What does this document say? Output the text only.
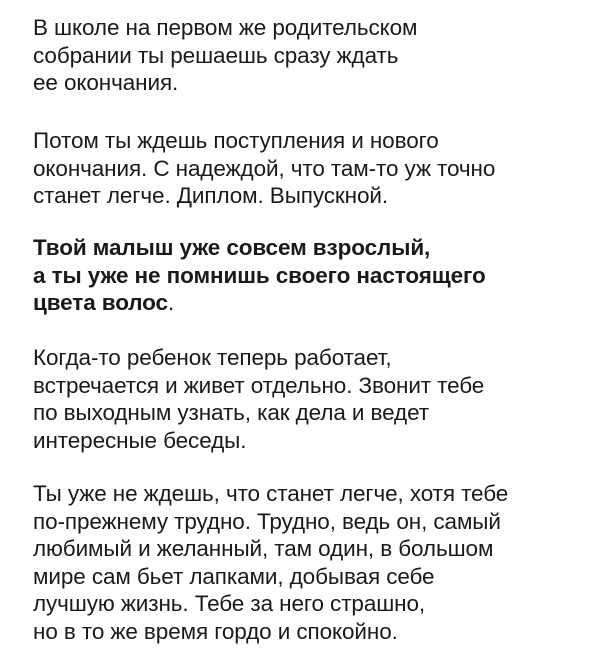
В школе на первом же родительском
собрании ты решаешь сразу ждать
ее окончания.

Потом ты ждешь поступления и нового
окончания. С надеждой, что там-то уж точно
станет легче. Диплом. Выпускной.

Твой малыш уже совсем взрослый,
а ты уже не помнишь своего настоящего
цвета волос.

Когда-то ребенок теперь работает,
встречается и живет отдельно. Звонит тебе
по выходным узнать, как дела и ведет
интересные беседы.

Ты уже не ждешь, что станет легче, хотя тебе
по-прежнему трудно. Трудно, ведь он, самый
любимый и желанный, там один, в большом
мире сам бьет лапками, добывая себе
лучшую жизнь. Тебе за него страшно,
но в то же время гордо и спокойно.
